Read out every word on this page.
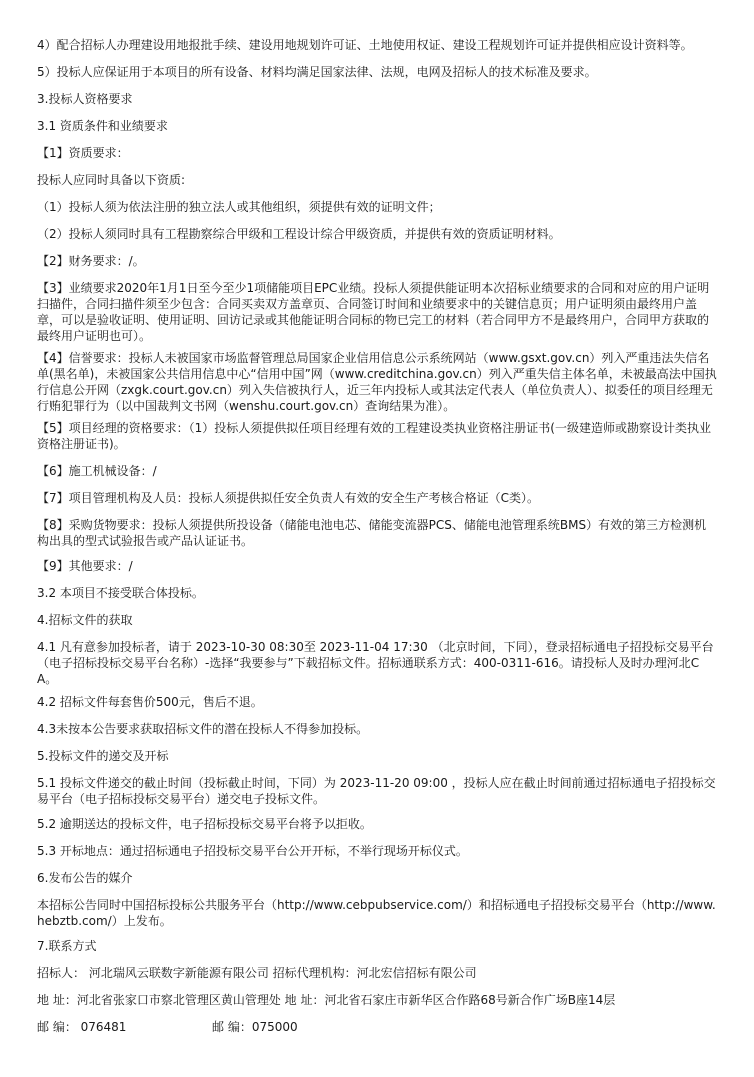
4）配合招标人办理建设用地报批手续、建设用地规划许可证、土地使用权证、建设工程规划许可证并提供相应设计资料等。

5）投标人应保证用于本项目的所有设备、材料均满足国家法律、法规，电网及招标人的技术标准及要求。

3.投标人资格要求

3.1 资质条件和业绩要求

【1】资质要求：

投标人应同时具备以下资质:

（1）投标人须为依法注册的独立法人或其他组织，须提供有效的证明文件；

（2）投标人须同时具有工程勘察综合甲级和工程设计综合甲级资质，并提供有效的资质证明材料。

【2】财务要求：/。

【3】业绩要求2020年1月1日至今至少1项储能项目EPC业绩。投标人须提供能证明本次招标业绩要求的合同和对应的用户证明扫描件，合同扫描件须至少包含：合同买卖双方盖章页、合同签订时间和业绩要求中的关键信息页；用户证明须由最终用户盖章，可以是验收证明、使用证明、回访记录或其他能证明合同标的物已完工的材料（若合同甲方不是最终用户，合同甲方获取的最终用户证明也可）。

【4】信誉要求：投标人未被国家市场监督管理总局国家企业信用信息公示系统网站（www.gsxt.gov.cn）列入严重违法失信名单(黑名单)，未被国家公共信用信息中心“信用中国”网（www.creditchina.gov.cn）列入严重失信主体名单，未被最高法中国执行信息公开网（zxgk.court.gov.cn）列入失信被执行人，近三年内投标人或其法定代表人（单位负责人）、拟委任的项目经理无行贿犯罪行为（以中国裁判文书网（wenshu.court.gov.cn）查询结果为准）。

【5】项目经理的资格要求：（1）投标人须提供拟任项目经理有效的工程建设类执业资格注册证书(一级建造师或勘察设计类执业资格注册证书)。

【6】施工机械设备：/

【7】项目管理机构及人员：投标人须提供拟任安全负责人有效的安全生产考核合格证（C类）。

【8】采购货物要求：投标人须提供所投设备（储能电池电芯、储能变流器PCS、储能电池管理系统BMS）有效的第三方检测机构出具的型式试验报告或产品认证证书。

【9】其他要求：/

3.2 本项目不接受联合体投标。

4.招标文件的获取

4.1 凡有意参加投标者，请于 2023-10-30 08:30至 2023-11-04 17:30 （北京时间，下同），登录招标通电子招投标交易平台（电子招标投标交易平台名称）-选择“我要参与”下载招标文件。招标通联系方式：400-0311-616。请投标人及时办理河北CA。

4.2 招标文件每套售价500元，售后不退。

4.3未按本公告要求获取招标文件的潜在投标人不得参加投标。

5.投标文件的递交及开标

5.1 投标文件递交的截止时间（投标截止时间，下同）为 2023-11-20 09:00 ，投标人应在截止时间前通过招标通电子招投标交易平台（电子招标投标交易平台）递交电子投标文件。

5.2 逾期送达的投标文件，电子招标投标交易平台将予以拒收。

5.3 开标地点：通过招标通电子招投标交易平台公开开标，不举行现场开标仪式。

6.发布公告的媒介

本招标公告同时中国招标投标公共服务平台（http://www.cebpubservice.com/）和招标通电子招投标交易平台（http://www.hebztb.com/）上发布。

7.联系方式

招标人： 河北瑞风云联数字新能源有限公司 招标代理机构：河北宏信招标有限公司

地 址：河北省张家口市察北管理区黄山管理处 地 址：河北省石家庄市新华区合作路68号新合作广场B座14层

邮 编： 076481	邮 编：075000
